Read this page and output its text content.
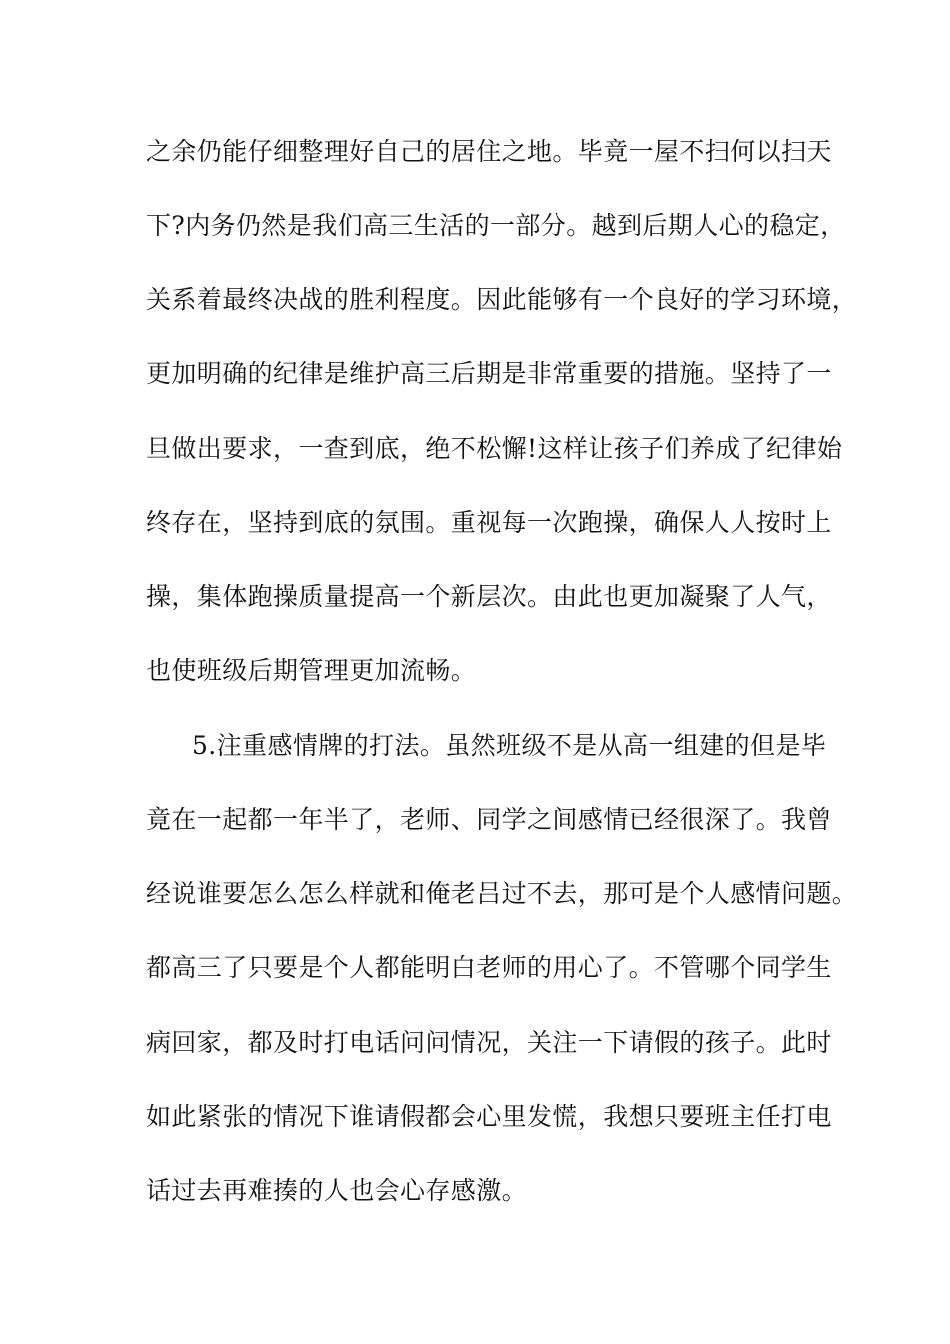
之余仍能仔细整理好自己的居住之地。毕竟一屋不扫何以扫天
下?内务仍然是我们高三生活的一部分。越到后期人心的稳定，
关系着最终决战的胜利程度。因此能够有一个良好的学习环境，
更加明确的纪律是维护高三后期是非常重要的措施。坚持了一
旦做出要求，一查到底，绝不松懈!这样让孩子们养成了纪律始
终存在，坚持到底的氛围。重视每一次跑操，确保人人按时上
操，集体跑操质量提高一个新层次。由此也更加凝聚了人气，
也使班级后期管理更加流畅。
5.注重感情牌的打法。虽然班级不是从高一组建的但是毕
竟在一起都一年半了，老师、同学之间感情已经很深了。我曾
经说谁要怎么怎么样就和俺老吕过不去，那可是个人感情问题。
都高三了只要是个人都能明白老师的用心了。不管哪个同学生
病回家，都及时打电话问问情况，关注一下请假的孩子。此时
如此紧张的情况下谁请假都会心里发慌，我想只要班主任打电
话过去再难揍的人也会心存感激。
